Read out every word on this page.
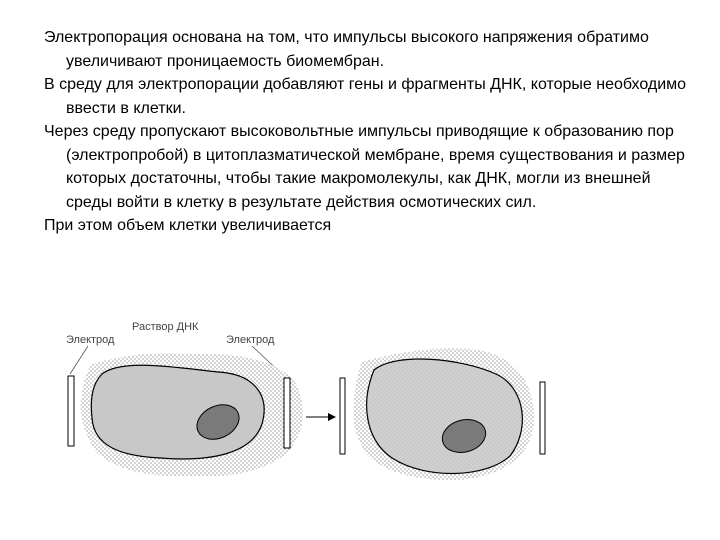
Электропорация основана на том, что импульсы высокого напряжения обратимо увеличивают проницаемость биомембран.

В среду для электропорации добавляют гены и фрагменты ДНК, которые необходимо ввести в клетки.

Через среду пропускают высоковольтные импульсы приводящие к образованию пор (электропробой) в цитоплазматической мембране, время существования и размер которых достаточны, чтобы такие макромолекулы, как ДНК, могли из внешней среды войти в клетку в результате действия осмотических сил.

При этом объем клетки увеличивается

Электрод
Раствор ДНК
Электрод
